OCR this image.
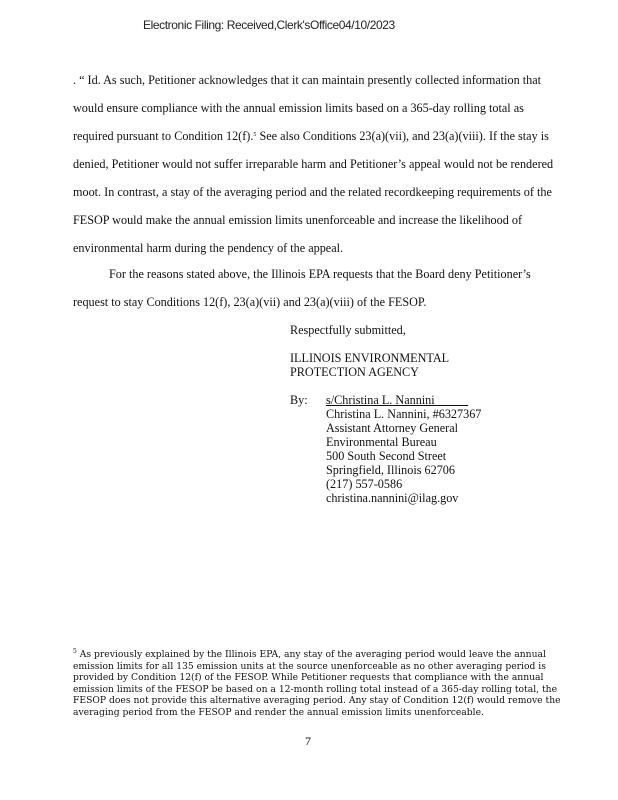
Electronic Filing: Received,Clerk'sOffice04/10/2023
. “ Id. As such, Petitioner acknowledges that it can maintain presently collected information that
would ensure compliance with the annual emission limits based on a 365-day rolling total as
required pursuant to Condition 12(f).$^5$ See also Conditions 23(a)(vii), and 23(a)(viii). If the stay is
denied, Petitioner would not suffer irreparable harm and Petitioner’s appeal would not be rendered
moot. In contrast, a stay of the averaging period and the related recordkeeping requirements of the
FESOP would make the annual emission limits unenforceable and increase the likelihood of
environmental harm during the pendency of the appeal.
For the reasons stated above, the Illinois EPA requests that the Board deny Petitioner’s
request to stay Conditions 12(f), 23(a)(vii) and 23(a)(viii) of the FESOP.
Respectfully submitted,
ILLINOIS ENVIRONMENTAL
PROTECTION AGENCY
By: s/Christina L. Nannini
Christina L. Nannini, #6327367
Assistant Attorney General
Environmental Bureau
500 South Second Street
Springfield, Illinois 62706
(217) 557-0586
christina.nannini@ilag.gov
$^5$ As previously explained by the Illinois EPA, any stay of the averaging period would leave the annual
emission limits for all 135 emission units at the source unenforceable as no other averaging period is
provided by Condition 12(f) of the FESOP. While Petitioner requests that compliance with the annual
emission limits of the FESOP be based on a 12-month rolling total instead of a 365-day rolling total, the
FESOP does not provide this alternative averaging period. Any stay of Condition 12(f) would remove the
averaging period from the FESOP and render the annual emission limits unenforceable.
7
